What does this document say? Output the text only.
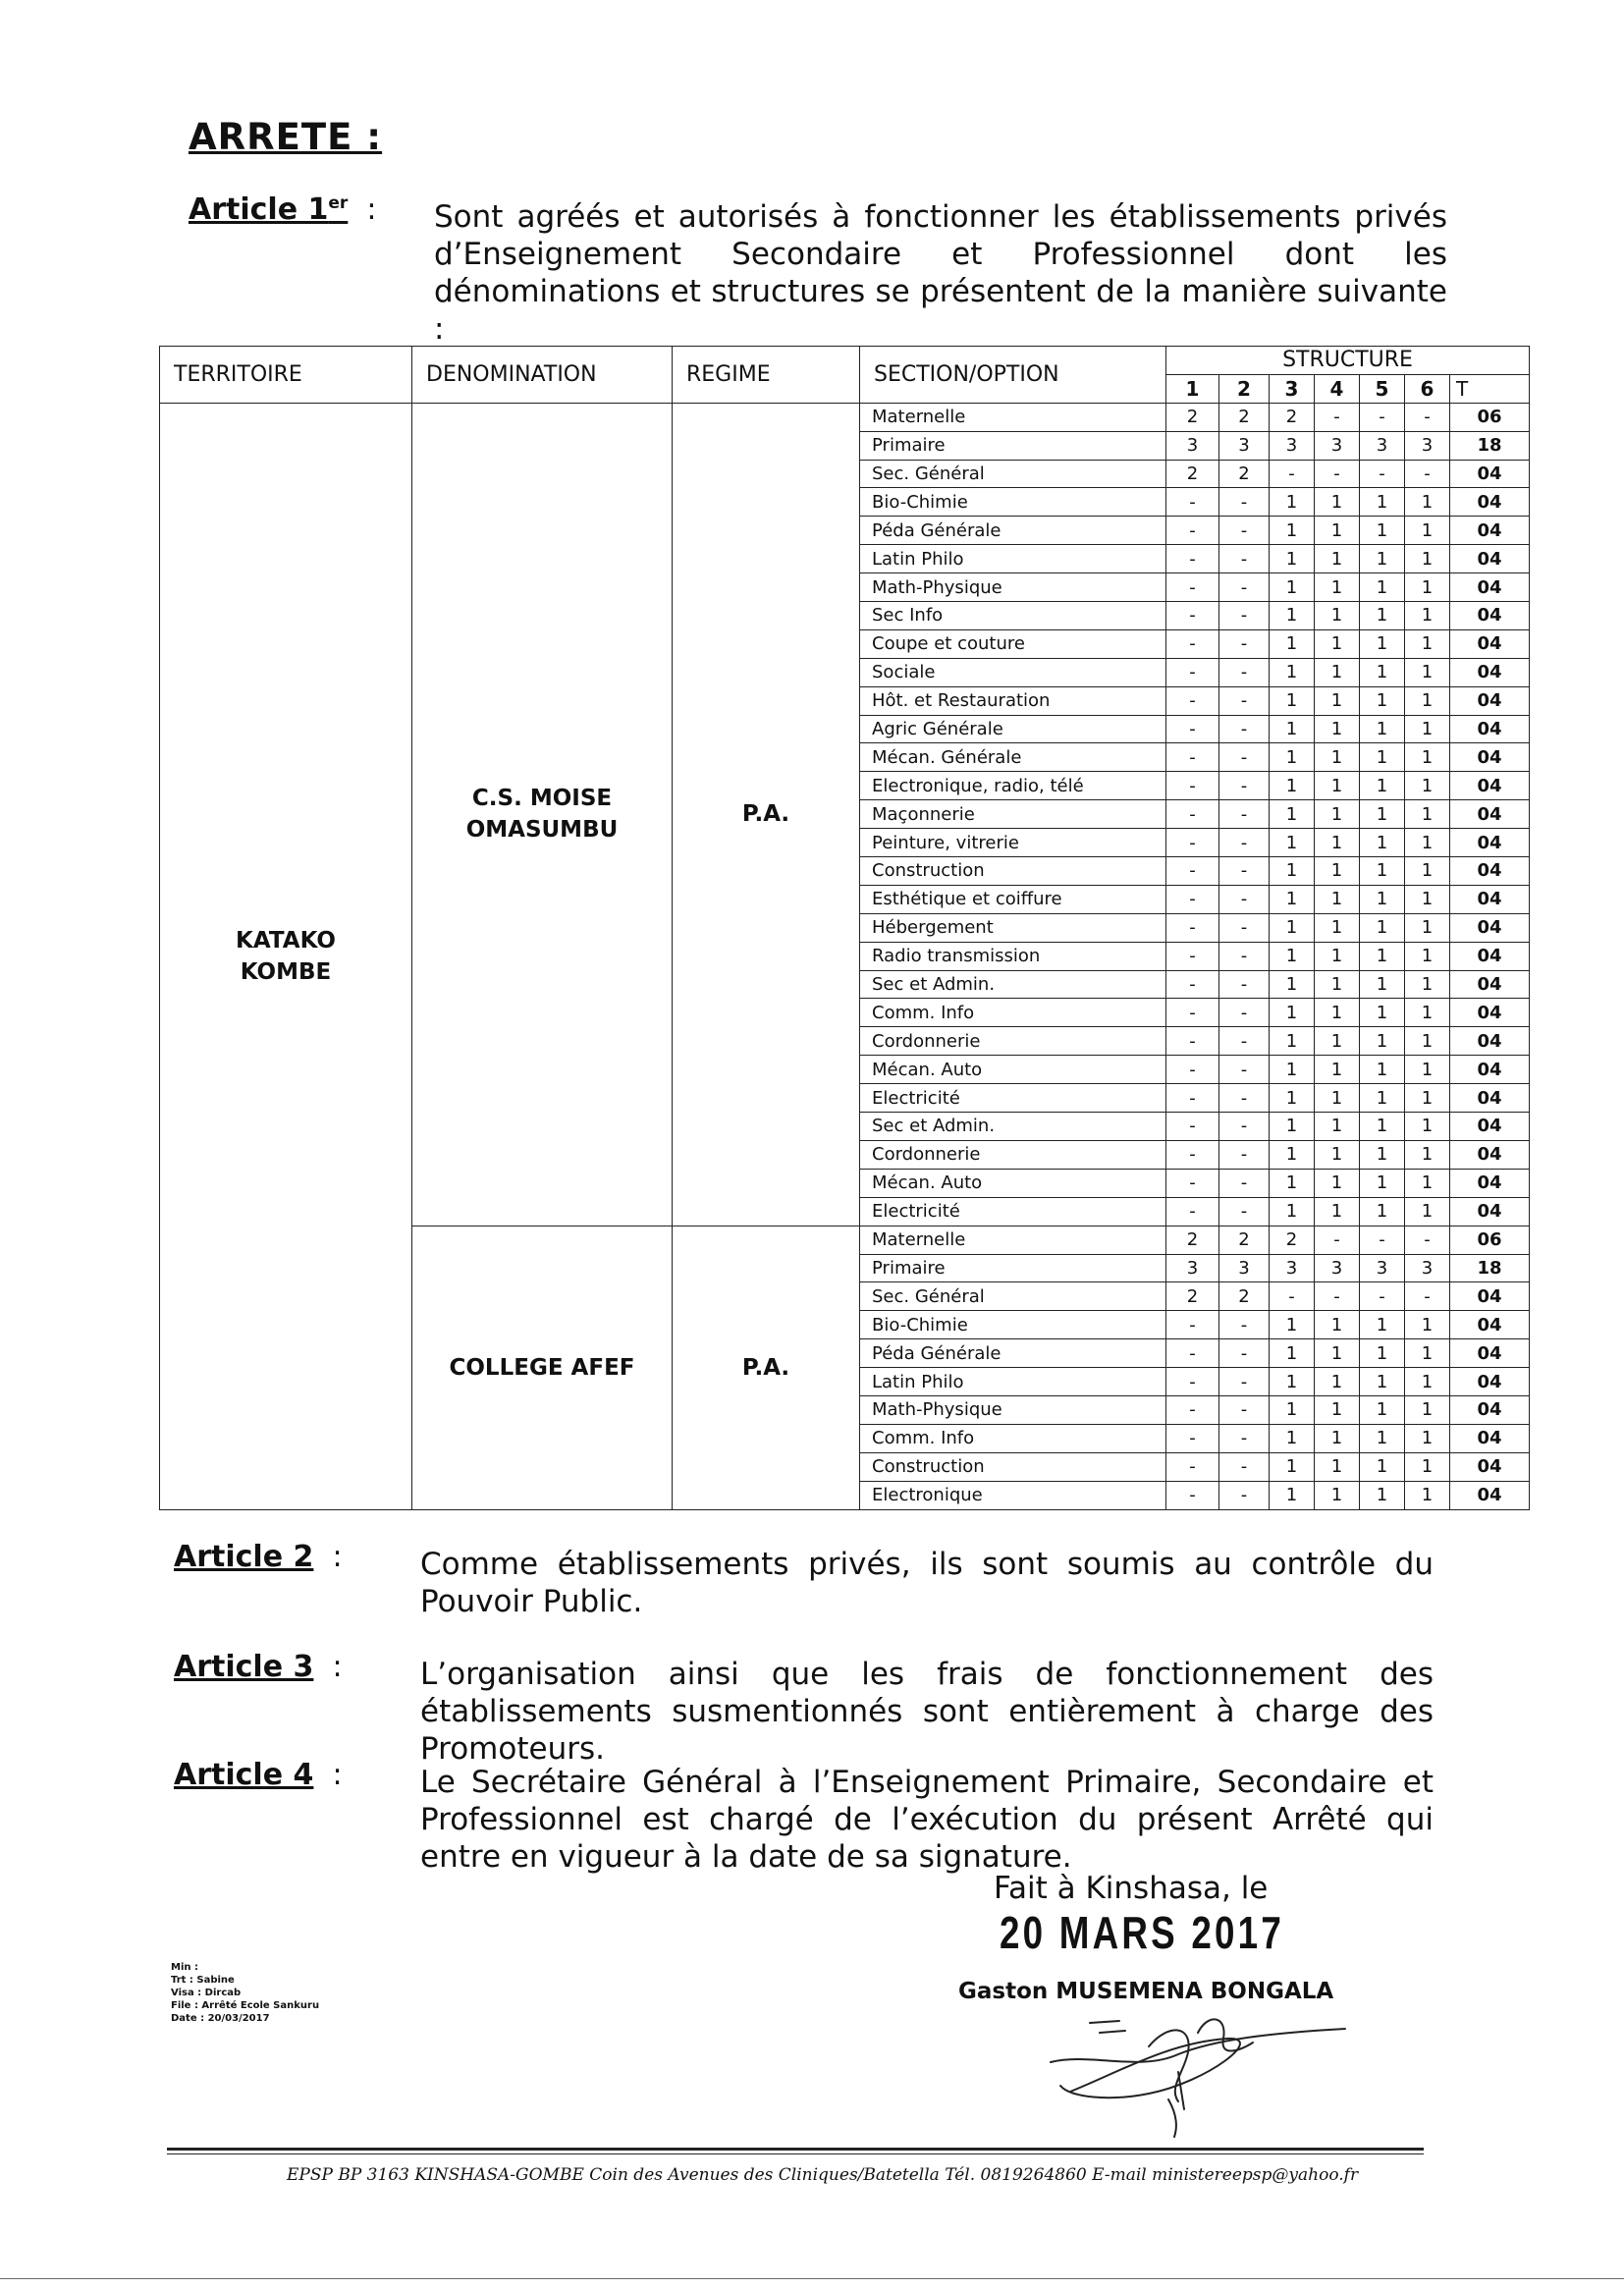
ARRETE :
Article 1er : Sont agréés et autorisés à fonctionner les établissements privés d’Enseignement Secondaire et Professionnel dont les dénominations et structures se présentent de la manière suivante :
TERRITOIRE	DENOMINATION	REGIME	SECTION/OPTION	STRUCTURE						
				1	2	3	4	5	6	T
KATAKO KOMBE	C.S. MOISE OMASUMBU	P.A.	Maternelle	2	2	2	-	-	-	06
			Primaire	3	3	3	3	3	3	18
			Sec. Général	2	2	-	-	-	-	04
			Bio-Chimie	-	-	1	1	1	1	04
			Péda Générale	-	-	1	1	1	1	04
			Latin Philo	-	-	1	1	1	1	04
			Math-Physique	-	-	1	1	1	1	04
			Sec Info	-	-	1	1	1	1	04
			Coupe et couture	-	-	1	1	1	1	04
			Sociale	-	-	1	1	1	1	04
			Hôt. et Restauration	-	-	1	1	1	1	04
			Agric Générale	-	-	1	1	1	1	04
			Mécan. Générale	-	-	1	1	1	1	04
			Electronique, radio, télé	-	-	1	1	1	1	04
			Maçonnerie	-	-	1	1	1	1	04
			Peinture, vitrerie	-	-	1	1	1	1	04
			Construction	-	-	1	1	1	1	04
			Esthétique et coiffure	-	-	1	1	1	1	04
			Hébergement	-	-	1	1	1	1	04
			Radio transmission	-	-	1	1	1	1	04
			Sec et Admin.	-	-	1	1	1	1	04
			Comm. Info	-	-	1	1	1	1	04
			Cordonnerie	-	-	1	1	1	1	04
			Mécan. Auto	-	-	1	1	1	1	04
			Electricité	-	-	1	1	1	1	04
			Sec et Admin.	-	-	1	1	1	1	04
			Cordonnerie	-	-	1	1	1	1	04
			Mécan. Auto	-	-	1	1	1	1	04
			Electricité	-	-	1	1	1	1	04
	COLLEGE AFEF	P.A.	Maternelle	2	2	2	-	-	-	06
			Primaire	3	3	3	3	3	3	18
			Sec. Général	2	2	-	-	-	-	04
			Bio-Chimie	-	-	1	1	1	1	04
			Péda Générale	-	-	1	1	1	1	04
			Latin Philo	-	-	1	1	1	1	04
			Math-Physique	-	-	1	1	1	1	04
			Comm. Info	-	-	1	1	1	1	04
			Construction	-	-	1	1	1	1	04
			Electronique	-	-	1	1	1	1	04
Article 2 :	Comme établissements privés, ils sont soumis au contrôle du Pouvoir Public.
Article 3 :	L’organisation ainsi que les frais de fonctionnement des établissements susmentionnés sont entièrement à charge des Promoteurs.
Article 4 :	Le Secrétaire Général à l’Enseignement Primaire, Secondaire et Professionnel est chargé de l’exécution du présent Arrêté qui entre en vigueur à la date de sa signature.
Fait à Kinshasa, le 20 MARS 2017
Min :
Trt : Sabine
Visa : Dircab
File : Arrêté Ecole Sankuru
Date : 20/03/2017
Gaston MUSEMENA BONGALA
EPSP BP 3163 KINSHASA-GOMBE Coin des Avenues des Cliniques/Batetella Tél. 0819264860 E-mail ministereepsp@yahoo.fr
